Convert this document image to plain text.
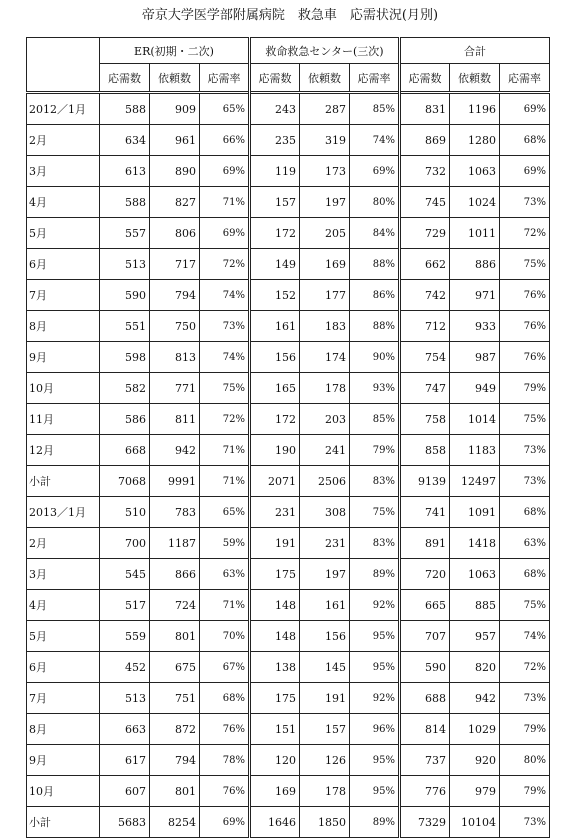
帝京大学医学部附属病院　救急車　応需状況(月別)
	ER(初期・二次)			救命救急センター(三次)			合計		
	応需数	依頼数	応需率	応需数	依頼数	応需率	応需数	依頼数	応需率
2012／1月	588	909	65%	243	287	85%	831	1196	69%
2月	634	961	66%	235	319	74%	869	1280	68%
3月	613	890	69%	119	173	69%	732	1063	69%
4月	588	827	71%	157	197	80%	745	1024	73%
5月	557	806	69%	172	205	84%	729	1011	72%
6月	513	717	72%	149	169	88%	662	886	75%
7月	590	794	74%	152	177	86%	742	971	76%
8月	551	750	73%	161	183	88%	712	933	76%
9月	598	813	74%	156	174	90%	754	987	76%
10月	582	771	75%	165	178	93%	747	949	79%
11月	586	811	72%	172	203	85%	758	1014	75%
12月	668	942	71%	190	241	79%	858	1183	73%
小計	7068	9991	71%	2071	2506	83%	9139	12497	73%
2013／1月	510	783	65%	231	308	75%	741	1091	68%
2月	700	1187	59%	191	231	83%	891	1418	63%
3月	545	866	63%	175	197	89%	720	1063	68%
4月	517	724	71%	148	161	92%	665	885	75%
5月	559	801	70%	148	156	95%	707	957	74%
6月	452	675	67%	138	145	95%	590	820	72%
7月	513	751	68%	175	191	92%	688	942	73%
8月	663	872	76%	151	157	96%	814	1029	79%
9月	617	794	78%	120	126	95%	737	920	80%
10月	607	801	76%	169	178	95%	776	979	79%
小計	5683	8254	69%	1646	1850	89%	7329	10104	73%
